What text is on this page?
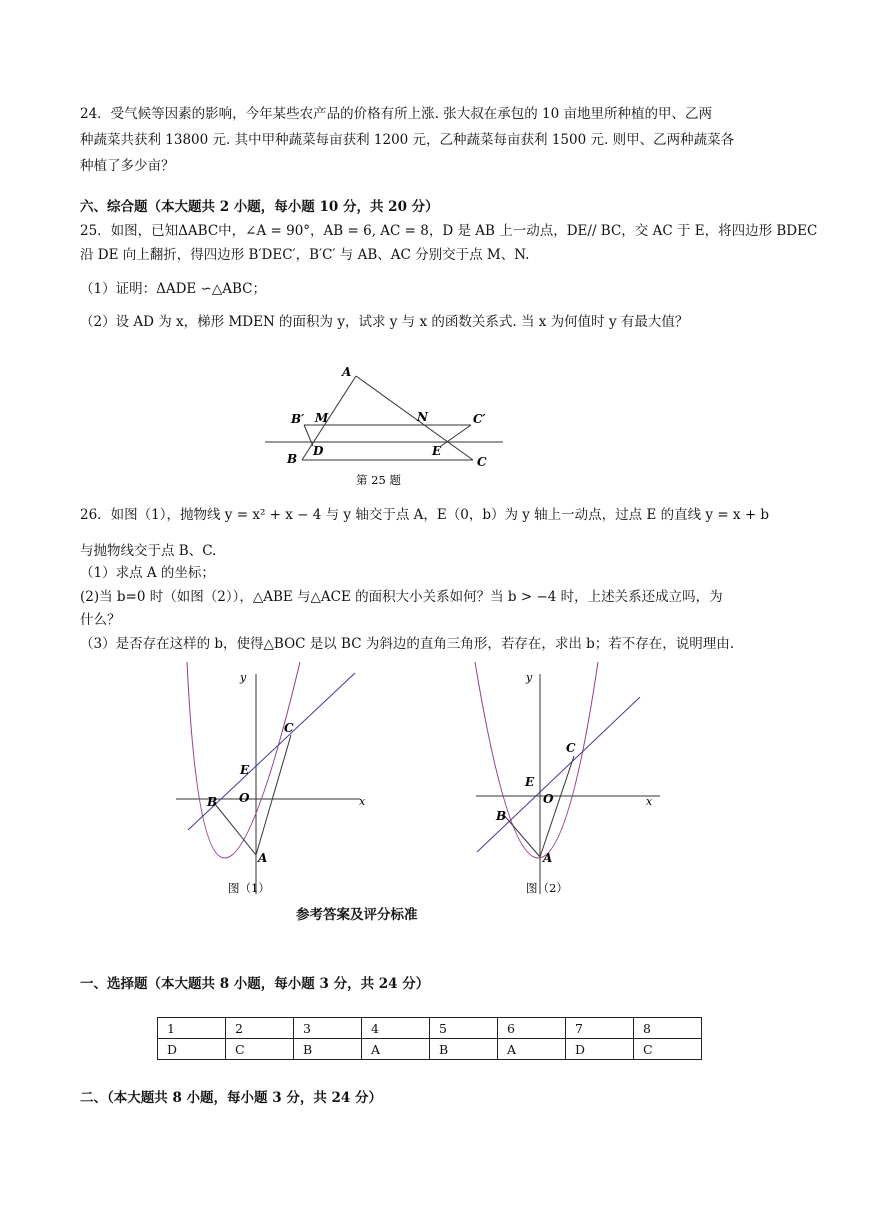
24．受气候等因素的影响，今年某些农产品的价格有所上涨. 张大叔在承包的 10 亩地里所种植的甲、乙两
种蔬菜共获利 13800 元. 其中甲种蔬菜每亩获利 1200 元，乙种蔬菜每亩获利 1500 元. 则甲、乙两种蔬菜各
种植了多少亩？
六、综合题（本大题共 2 小题，每小题 10 分，共 20 分）
25．如图，已知ΔABC中，∠A = 90°，AB = 6, AC = 8，D 是 AB 上一动点，DE// BC，交 AC 于 E，将四边形 BDEC
沿 DE 向上翻折，得四边形 B′DEC′，B′C′ 与 AB、AC 分别交于点 M、N.
（1）证明：ΔADE ∽△ABC；
（2）设 AD 为 x，梯形 MDEN 的面积为 y，试求 y 与 x 的函数关系式. 当 x 为何值时 y 有最大值？
A
B′ M	N	C′
B
D	E
C
第 25 题
26．如图（1），抛物线 y = x² + x − 4 与 y 轴交于点 A，E（0，b）为 y 轴上一动点，过点 E 的直线 y = x + b
与抛物线交于点 B、C.
（1）求点 A 的坐标；
(2)当 b=0 时（如图（2）），△ABE 与△ACE 的面积大小关系如何？当 b > −4 时，上述关系还成立吗，为
什么？
（3）是否存在这样的 b，使得△BOC 是以 BC 为斜边的直角三角形，若存在，求出 b；若不存在，说明理由.
y
x
C
E
B O
A
图（1）
y
x
C
E
B
O
A
图（2）
参考答案及评分标准
一、选择题（本大题共 8 小题，每小题 3 分，共 24 分）
1	2	3	4	5	6	7	8
D	C	B	A	B	A	D	C
二、（本大题共 8 小题，每小题 3 分，共 24 分）
